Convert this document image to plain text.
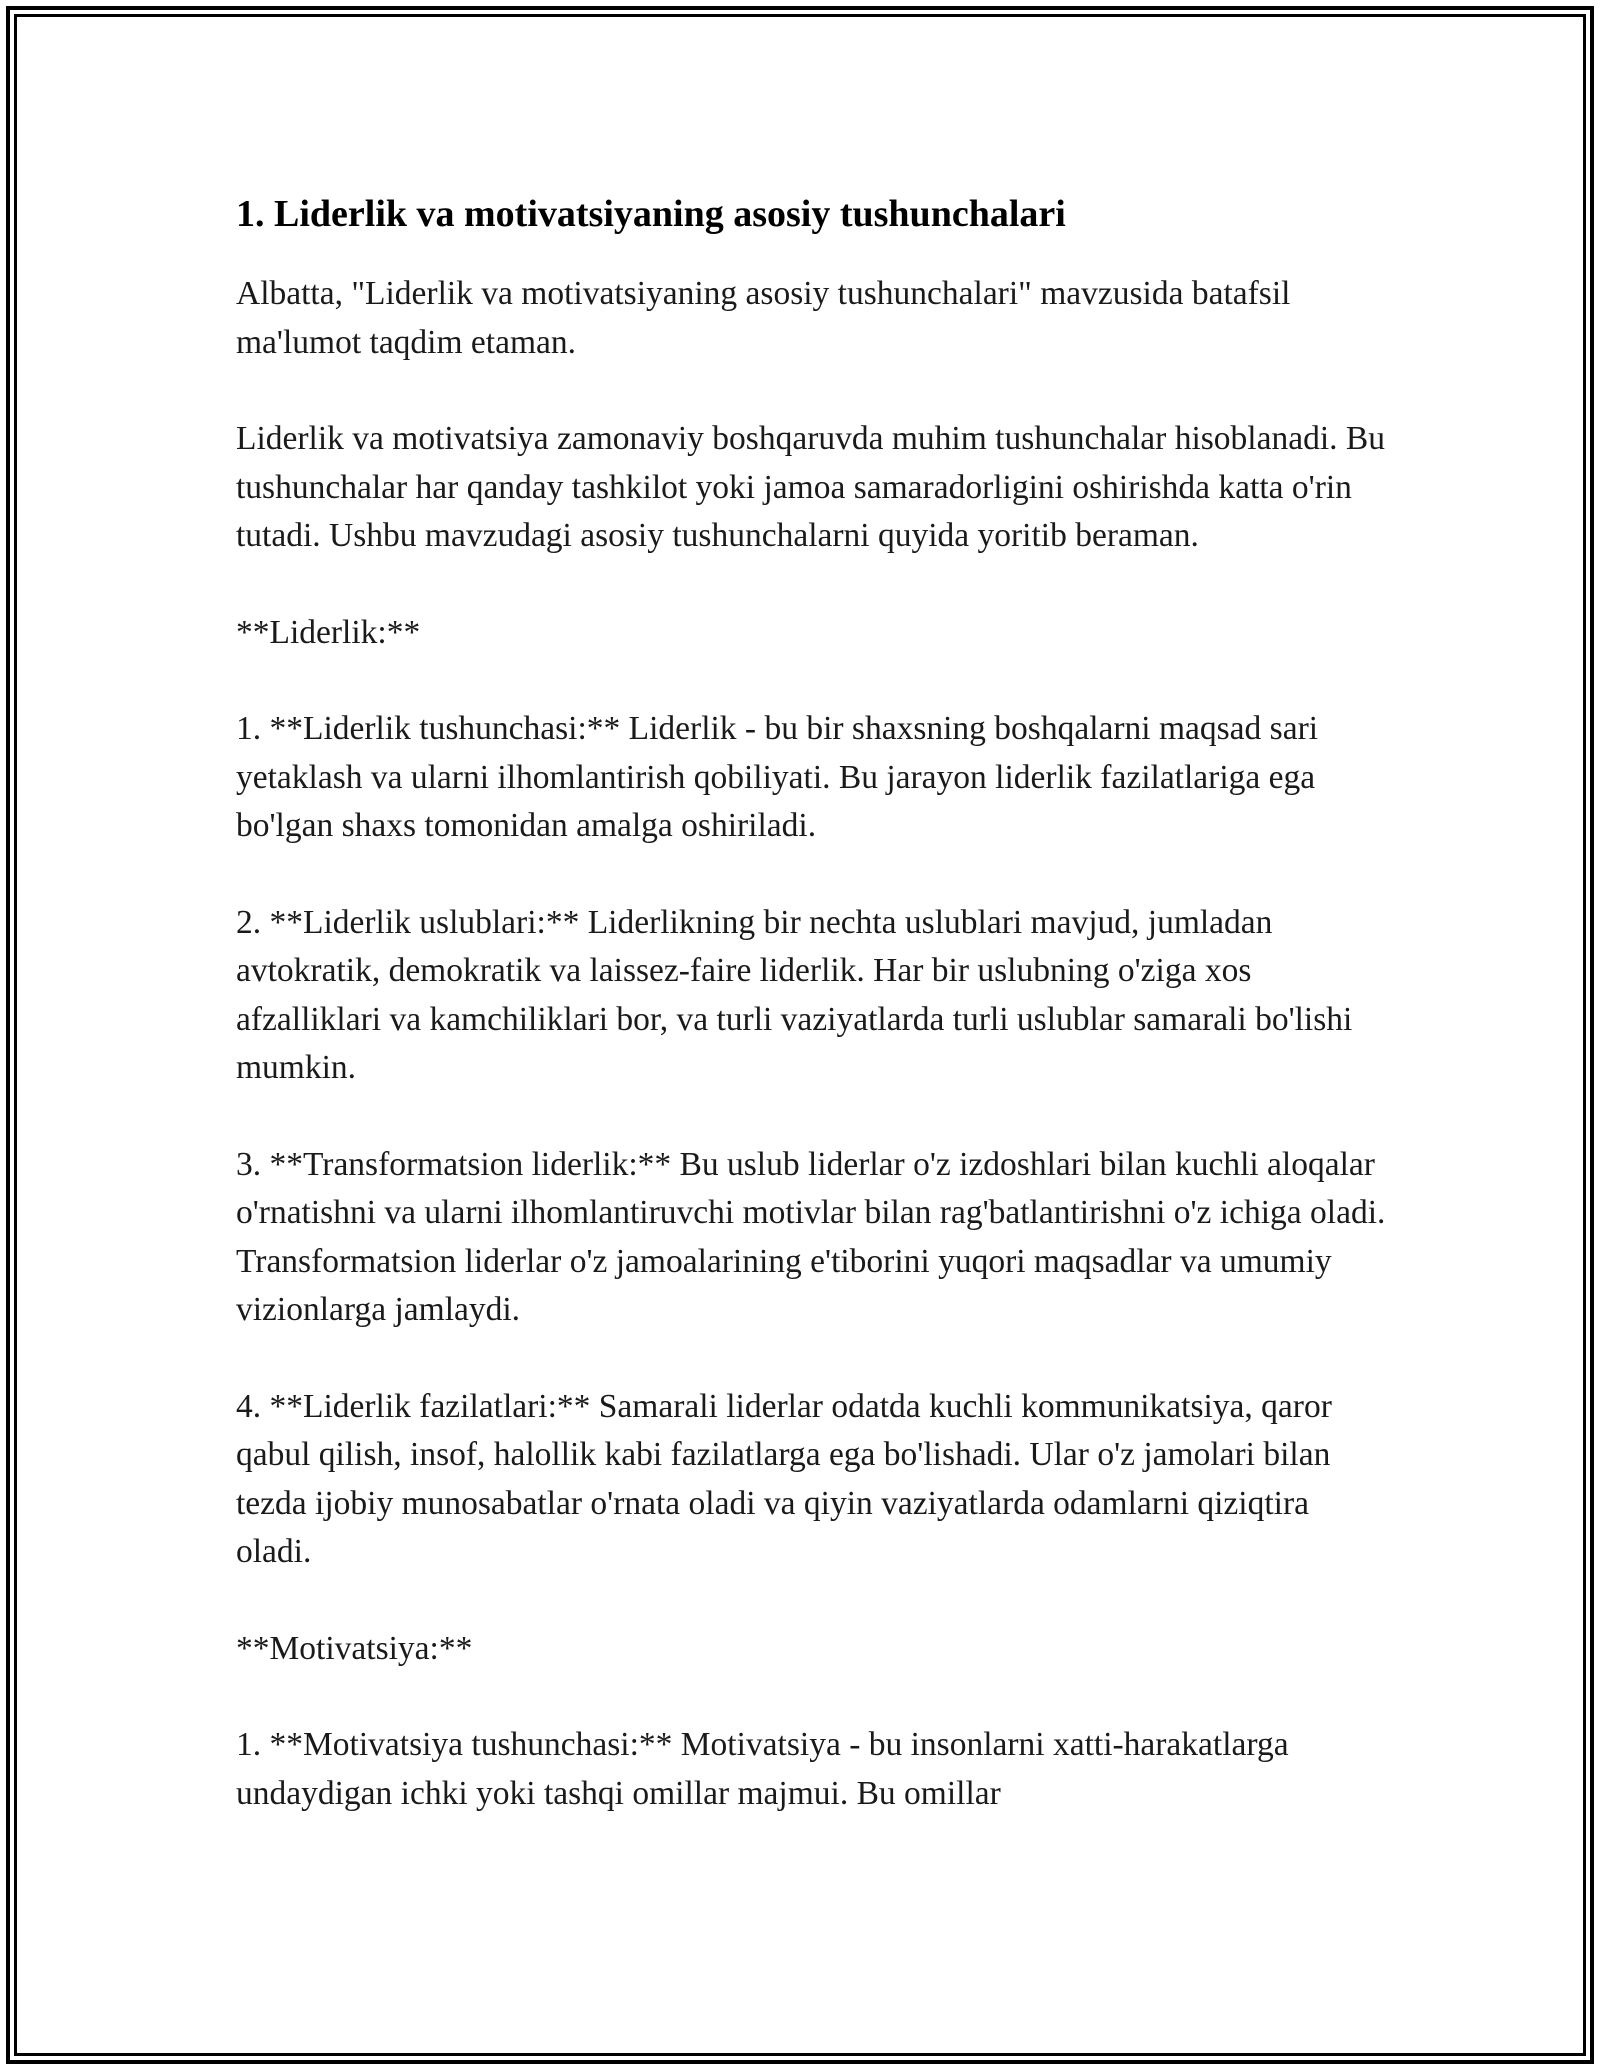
1. Liderlik va motivatsiyaning asosiy tushunchalari

Albatta, "Liderlik va motivatsiyaning asosiy tushunchalari" mavzusida batafsil ma'lumot taqdim etaman.

Liderlik va motivatsiya zamonaviy boshqaruvda muhim tushunchalar hisoblanadi. Bu tushunchalar har qanday tashkilot yoki jamoa samaradorligini oshirishda katta o'rin tutadi. Ushbu mavzudagi asosiy tushunchalarni quyida yoritib beraman.

**Liderlik:**

1. **Liderlik tushunchasi:** Liderlik - bu bir shaxsning boshqalarni maqsad sari yetaklash va ularni ilhomlantirish qobiliyati. Bu jarayon liderlik fazilatlariga ega bo'lgan shaxs tomonidan amalga oshiriladi.

2. **Liderlik uslublari:** Liderlikning bir nechta uslublari mavjud, jumladan avtokratik, demokratik va laissez-faire liderlik. Har bir uslubning o'ziga xos afzalliklari va kamchiliklari bor, va turli vaziyatlarda turli uslublar samarali bo'lishi mumkin.

3. **Transformatsion liderlik:** Bu uslub liderlar o'z izdoshlari bilan kuchli aloqalar o'rnatishni va ularni ilhomlantiruvchi motivlar bilan rag'batlantirishni o'z ichiga oladi. Transformatsion liderlar o'z jamoalarining e'tiborini yuqori maqsadlar va umumiy vizionlarga jamlaydi.

4. **Liderlik fazilatlari:** Samarali liderlar odatda kuchli kommunikatsiya, qaror qabul qilish, insof, halollik kabi fazilatlarga ega bo'lishadi. Ular o'z jamolari bilan tezda ijobiy munosabatlar o'rnata oladi va qiyin vaziyatlarda odamlarni qiziqtira oladi.

**Motivatsiya:**

1. **Motivatsiya tushunchasi:** Motivatsiya - bu insonlarni xatti-harakatlarga undaydigan ichki yoki tashqi omillar majmui. Bu omillar
